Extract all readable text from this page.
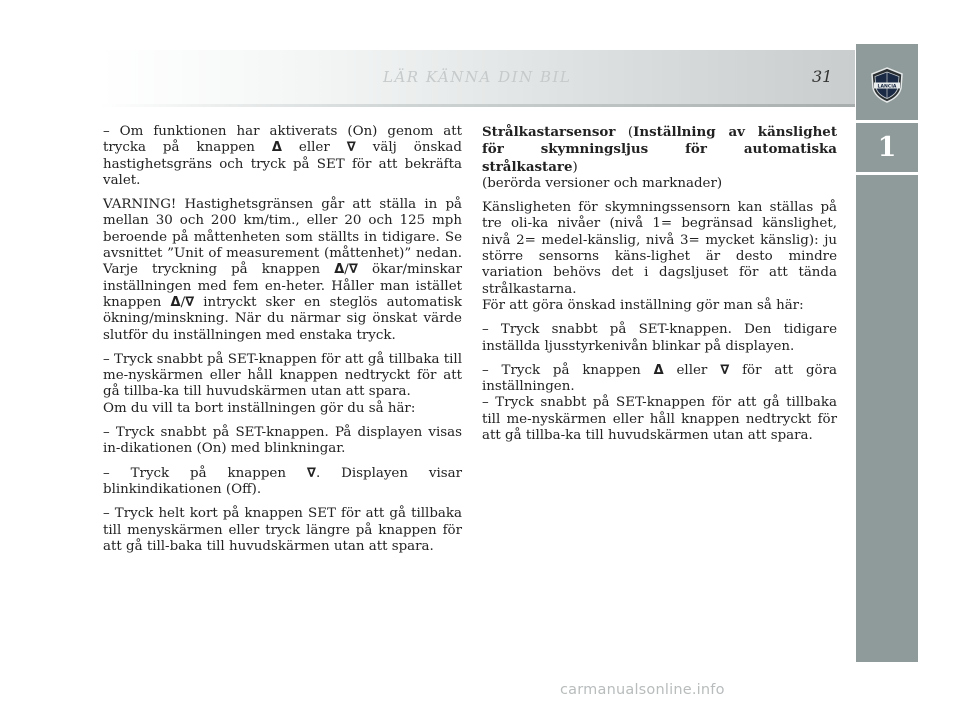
LÄR KÄNNA DIN BIL	31
LANCIA
1

– Om funktionen har aktiverats (On) genom att trycka på knappen Δ eller ∇ välj önskad hastighetsgräns och tryck på SET för att bekräfta valet.

VARNING! Hastighetsgränsen går att ställa in på mellan 30 och 200 km/tim., eller 20 och 125 mph beroende på måttenheten som ställts in tidigare. Se avsnittet ”Unit of measurement (måttenhet)” nedan. Varje tryckning på knappen Δ/∇ ökar/minskar inställningen med fem en-heter. Håller man istället knappen Δ/∇ intryckt sker en steglös automatisk ökning/minskning. När du närmar sig önskat värde slutför du inställningen med enstaka tryck.

– Tryck snabbt på SET-knappen för att gå tillbaka till me-nyskärmen eller håll knappen nedtryckt för att gå tillba-ka till huvudskärmen utan att spara.

Om du vill ta bort inställningen gör du så här:

– Tryck snabbt på SET-knappen. På displayen visas in-dikationen (On) med blinkningar.

– Tryck på knappen ∇. Displayen visar blinkindikationen (Off).

– Tryck helt kort på knappen SET för att gå tillbaka till menyskärmen eller tryck längre på knappen för att gå till-baka till huvudskärmen utan att spara.

Strålkastarsensor (Inställning av känslighet för skymningsljus för automatiska strålkastare)

(berörda versioner och marknader)

Känsligheten för skymningssensorn kan ställas på tre oli-ka nivåer (nivå 1= begränsad känslighet, nivå 2= medel-känslig, nivå 3= mycket känslig): ju större sensorns käns-lighet är desto mindre variation behövs det i dagsljuset för att tända strålkastarna.

För att göra önskad inställning gör man så här:

– Tryck snabbt på SET-knappen. Den tidigare inställda ljusstyrkenivån blinkar på displayen.

– Tryck på knappen Δ eller ∇ för att göra inställningen.

– Tryck snabbt på SET-knappen för att gå tillbaka till me-nyskärmen eller håll knappen nedtryckt för att gå tillba-ka till huvudskärmen utan att spara.

carmanualsonline.info
